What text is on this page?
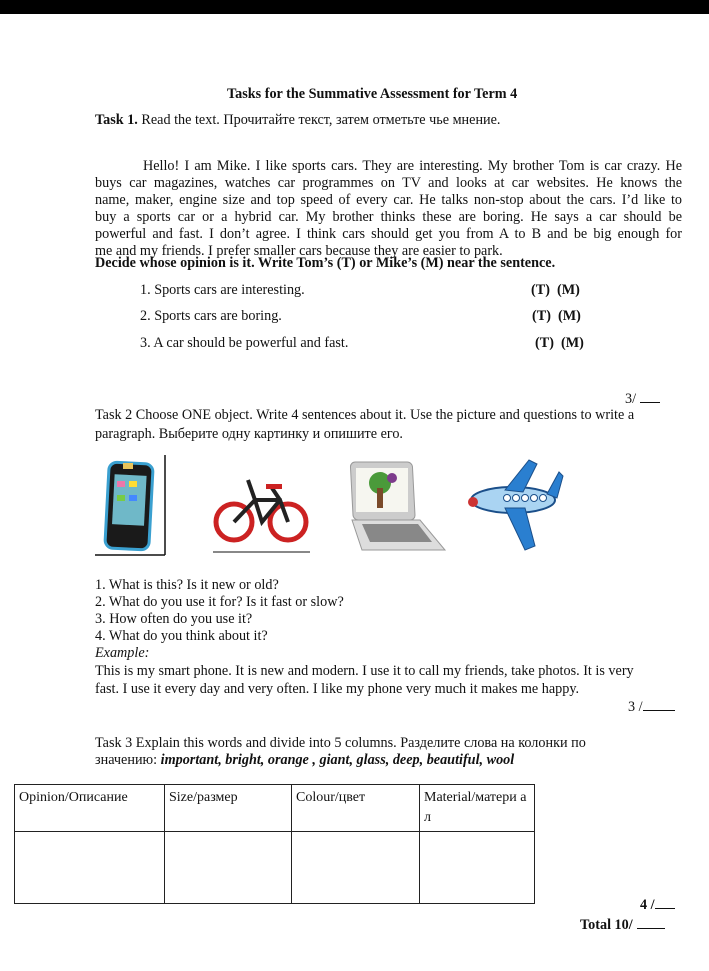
Tasks for the Summative Assessment for Term 4
Task 1. Read the text. Прочитайте текст, затем отметьте чье мнение.
Hello! I am Mike. I like sports cars. They are interesting. My brother Tom is car crazy. He
buys car magazines, watches car programmes on TV and looks at car websites. He knows the
name, maker, engine size and top speed of every car. He talks non-stop about the cars. I’d like to
buy a sports car or a hybrid car. My brother thinks these are boring. He says a car should be
powerful and fast. I don’t agree. I think cars should get you from A to B and be big enough for
me and my friends. I prefer smaller cars because they are easier to park.
Decide whose opinion is it. Write Tom’s (T) or Mike’s (M) near the sentence.
1. Sports cars are interesting.	(T)  (M)
2. Sports cars are boring.	(T)  (M)
3. A car should be powerful and fast.	(T)  (M)
3/
Task 2 Choose ONE object. Write 4 sentences about it. Use the picture and questions to write a
paragraph. Выберите одну картинку и опишите его.
1. What is this? Is it new or old?
2. What do you use it for? Is it fast or slow?
3. How often do you use it?
4. What do you think about it?
Example:
This is my smart phone. It is new and modern. I use it to call my friends, take photos. It is very
fast. I use it every day and very often. I like my phone very much it makes me happy.
3 /
Task 3 Explain this words and divide into 5 columns. Разделите слова на колонки по
значению: important, bright, orange , giant, glass, deep, beautiful, wool
Opinion/Описание	Size/размер	Colour/цвет	Material/матери ал

4 /
Total 10/
